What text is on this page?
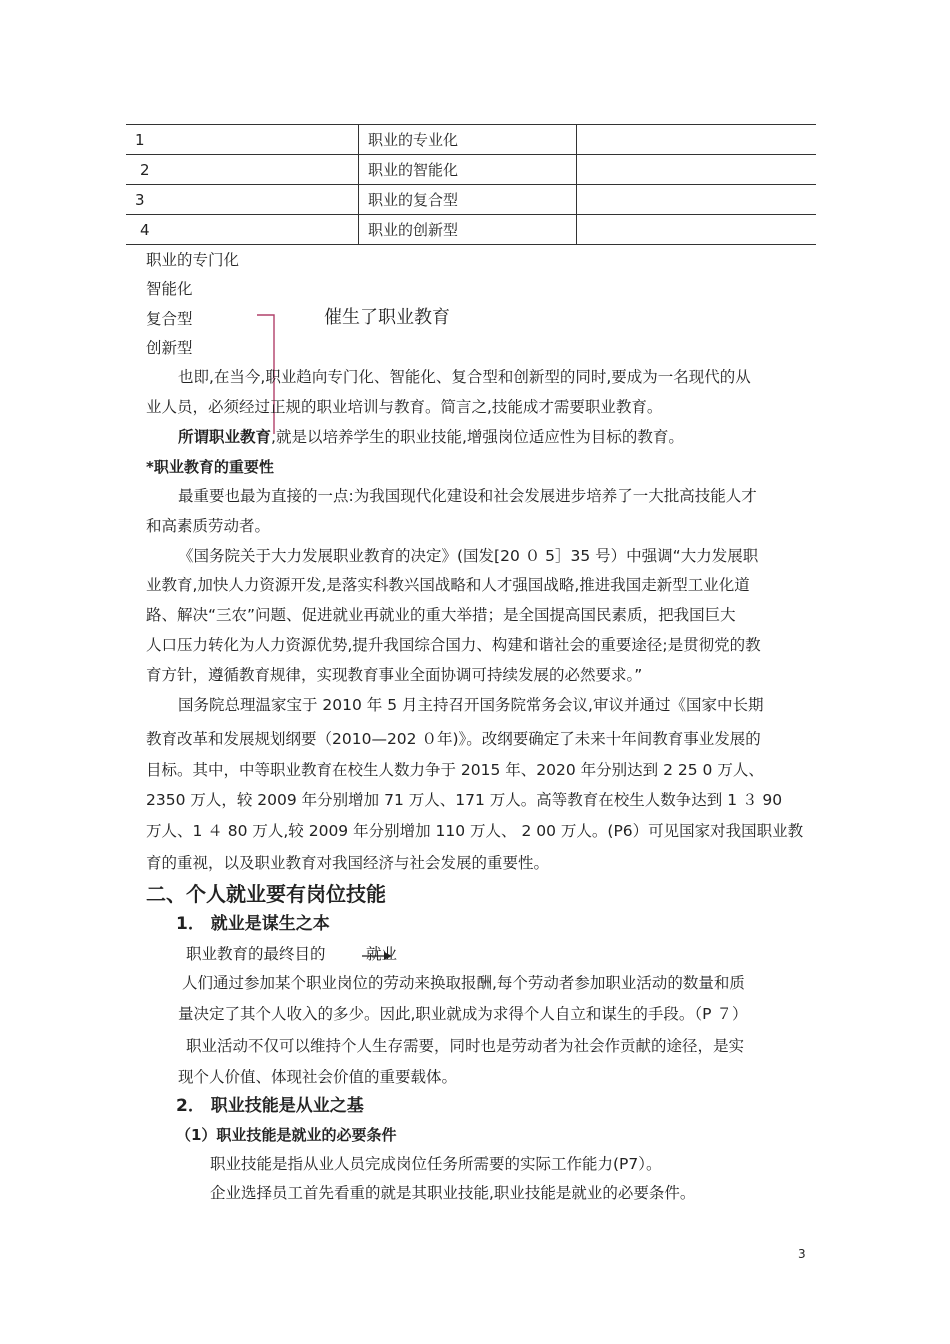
1	职业的专业化	
2	职业的智能化	
3	职业的复合型	
4	职业的创新型	
职业的专门化
智能化
复合型
创新型
催生了职业教育
也即,在当今,职业趋向专门化、智能化、复合型和创新型的同时,要成为一名现代的从
业人员，必须经过正规的职业培训与教育。简言之,技能成才需要职业教育。
所谓职业教育,就是以培养学生的职业技能,增强岗位适应性为目标的教育。
*职业教育的重要性
最重要也最为直接的一点:为我国现代化建设和社会发展进步培养了一大批高技能人才
和高素质劳动者。
《国务院关于大力发展职业教育的决定》(国发[20 ０ 5］35 号）中强调“大力发展职
业教育,加快人力资源开发,是落实科教兴国战略和人才强国战略,推进我国走新型工业化道
路、解决“三农”问题、促进就业再就业的重大举措；是全国提高国民素质，把我国巨大
人口压力转化为人力资源优势,提升我国综合国力、构建和谐社会的重要途径;是贯彻党的教
育方针，遵循教育规律，实现教育事业全面协调可持续发展的必然要求。”
国务院总理温家宝于 2010 年 5 月主持召开国务院常务会议,审议并通过《国家中长期
教育改革和发展规划纲要（2010—202 ０年)》。改纲要确定了未来十年间教育事业发展的
目标。其中，中等职业教育在校生人数力争于 2015 年、2020 年分别达到 2 25 0 万人、
2350 万人，较 2009 年分别增加 71 万人、171 万人。高等教育在校生人数争达到 1 ３ 90
万人、1 ４ 80 万人,较 2009 年分别增加 110 万人、 2 00 万人。(P6）可见国家对我国职业教
育的重视，以及职业教育对我国经济与社会发展的重要性。
二、个人就业要有岗位技能
1． 就业是谋生之本
职业教育的最终目的	就业
人们通过参加某个职业岗位的劳动来换取报酬,每个劳动者参加职业活动的数量和质
量决定了其个人收入的多少。因此,职业就成为求得个人自立和谋生的手段。（P ７）
职业活动不仅可以维持个人生存需要，同时也是劳动者为社会作贡献的途径，是实
现个人价值、体现社会价值的重要载体。
2． 职业技能是从业之基
（1）职业技能是就业的必要条件
职业技能是指从业人员完成岗位任务所需要的实际工作能力(P7）。
企业选择员工首先看重的就是其职业技能,职业技能是就业的必要条件。
3
